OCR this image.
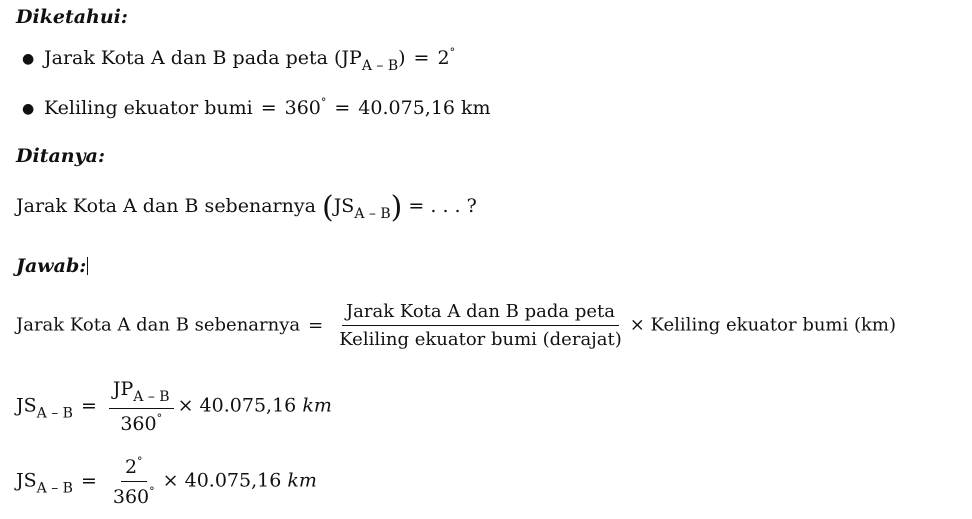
Diketahui:
● Jarak Kota A dan B pada peta $(JP_{A - B}) = 2^\circ$
● Keliling ekuator bumi = 360° = 40.075,16 km
Ditanya:
Jarak Kota A dan B sebenarnya $(JS_{A - B})$ = . . . ?
Jawab:
Jarak Kota A dan B sebenarnya = $\frac{\text{Jarak Kota A dan B pada peta}}{\text{Keliling ekuator bumi (derajat)}}$ × Keliling ekuator bumi (km)
$JS_{A - B} = \frac{JP_{A - B}}{360^\circ} \times 40.075,16$ km
$JS_{A - B} = \frac{2^\circ}{360^\circ} \times 40.075,16$ km
